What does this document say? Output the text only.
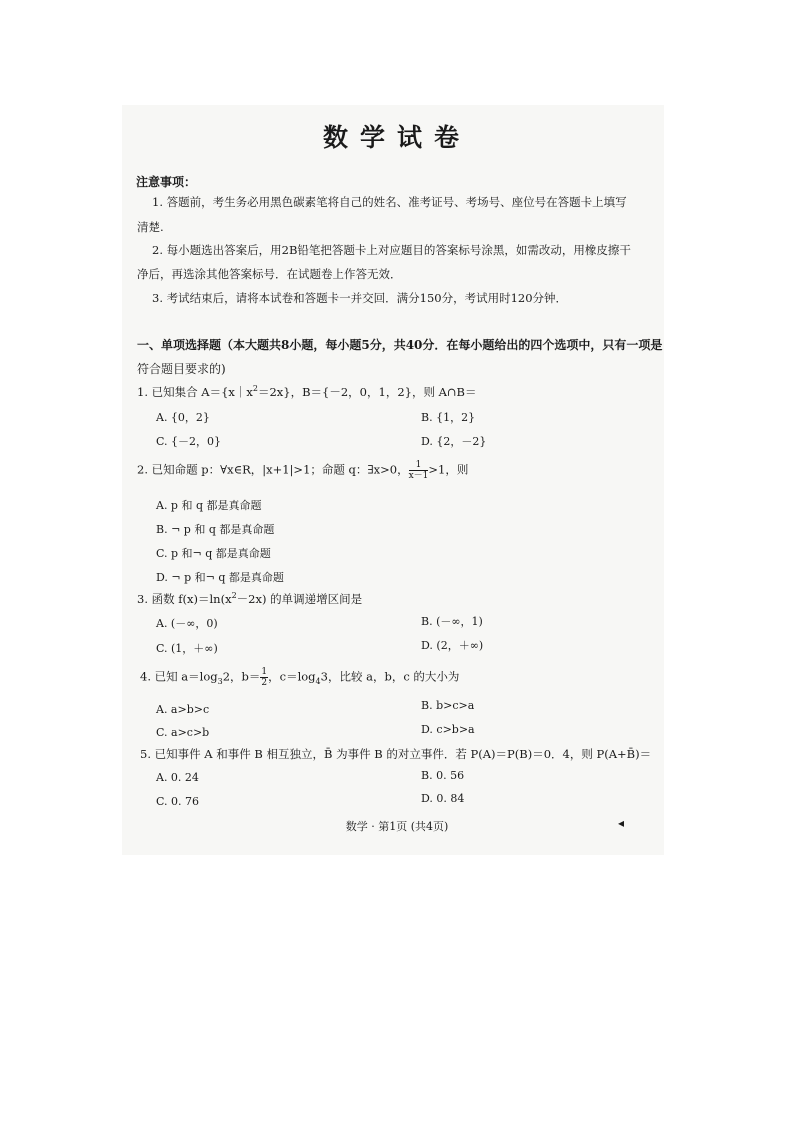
数学试卷
注意事项：
1. 答题前，考生务必用黑色碳素笔将自己的姓名、准考证号、考场号、座位号在答题卡上填写
清楚.
2. 每小题选出答案后，用2B铅笔把答题卡上对应题目的答案标号涂黑，如需改动，用橡皮擦干
净后，再选涂其他答案标号．在试题卷上作答无效．
3. 考试结束后，请将本试卷和答题卡一并交回．满分150分，考试用时120分钟．
一、单项选择题（本大题共8小题，每小题5分，共40分．在每小题给出的四个选项中，只有一项是
符合题目要求的)
1. 已知集合 $A=\{x|x^2=2x\}$，B＝{－2，0，1，2}，则 A∩B＝
A. {0，2}	B. {1，2}
C. {－2，0}	D. {2，－2}
2. 已知命题 p：∀x∈R，|x+1|>1；命题 q：∃x>0， $\frac{1}{x-1} >1$，则
A. p 和 q 都是真命题
B. ¬ p 和 q 都是真命题
C. p 和¬ q 都是真命题
D. ¬ p 和¬ q 都是真命题
3. 函数 $f(x)=\ln(x^2-2x)$ 的单调递增区间是
A. (－∞，0)	B. (－∞，1)
C. (1，＋∞)	D. (2，＋∞)
4. 已知 $a=\log_32$，$b= \frac{1}{2}$ ，$c=\log_43$，比较 a，b，c 的大小为
A. a>b>c	B. b>c>a
C. a>c>b	D. c>b>a
5. 已知事件 A 和事件 B 相互独立，B̄ 为事件 B 的对立事件．若 P(A)＝P(B)＝0．4，则 P(A+B̄)＝
A. 0. 24	B. 0. 56
C. 0. 76	D. 0. 84
数学 · 第1页 (共4页)	◂
